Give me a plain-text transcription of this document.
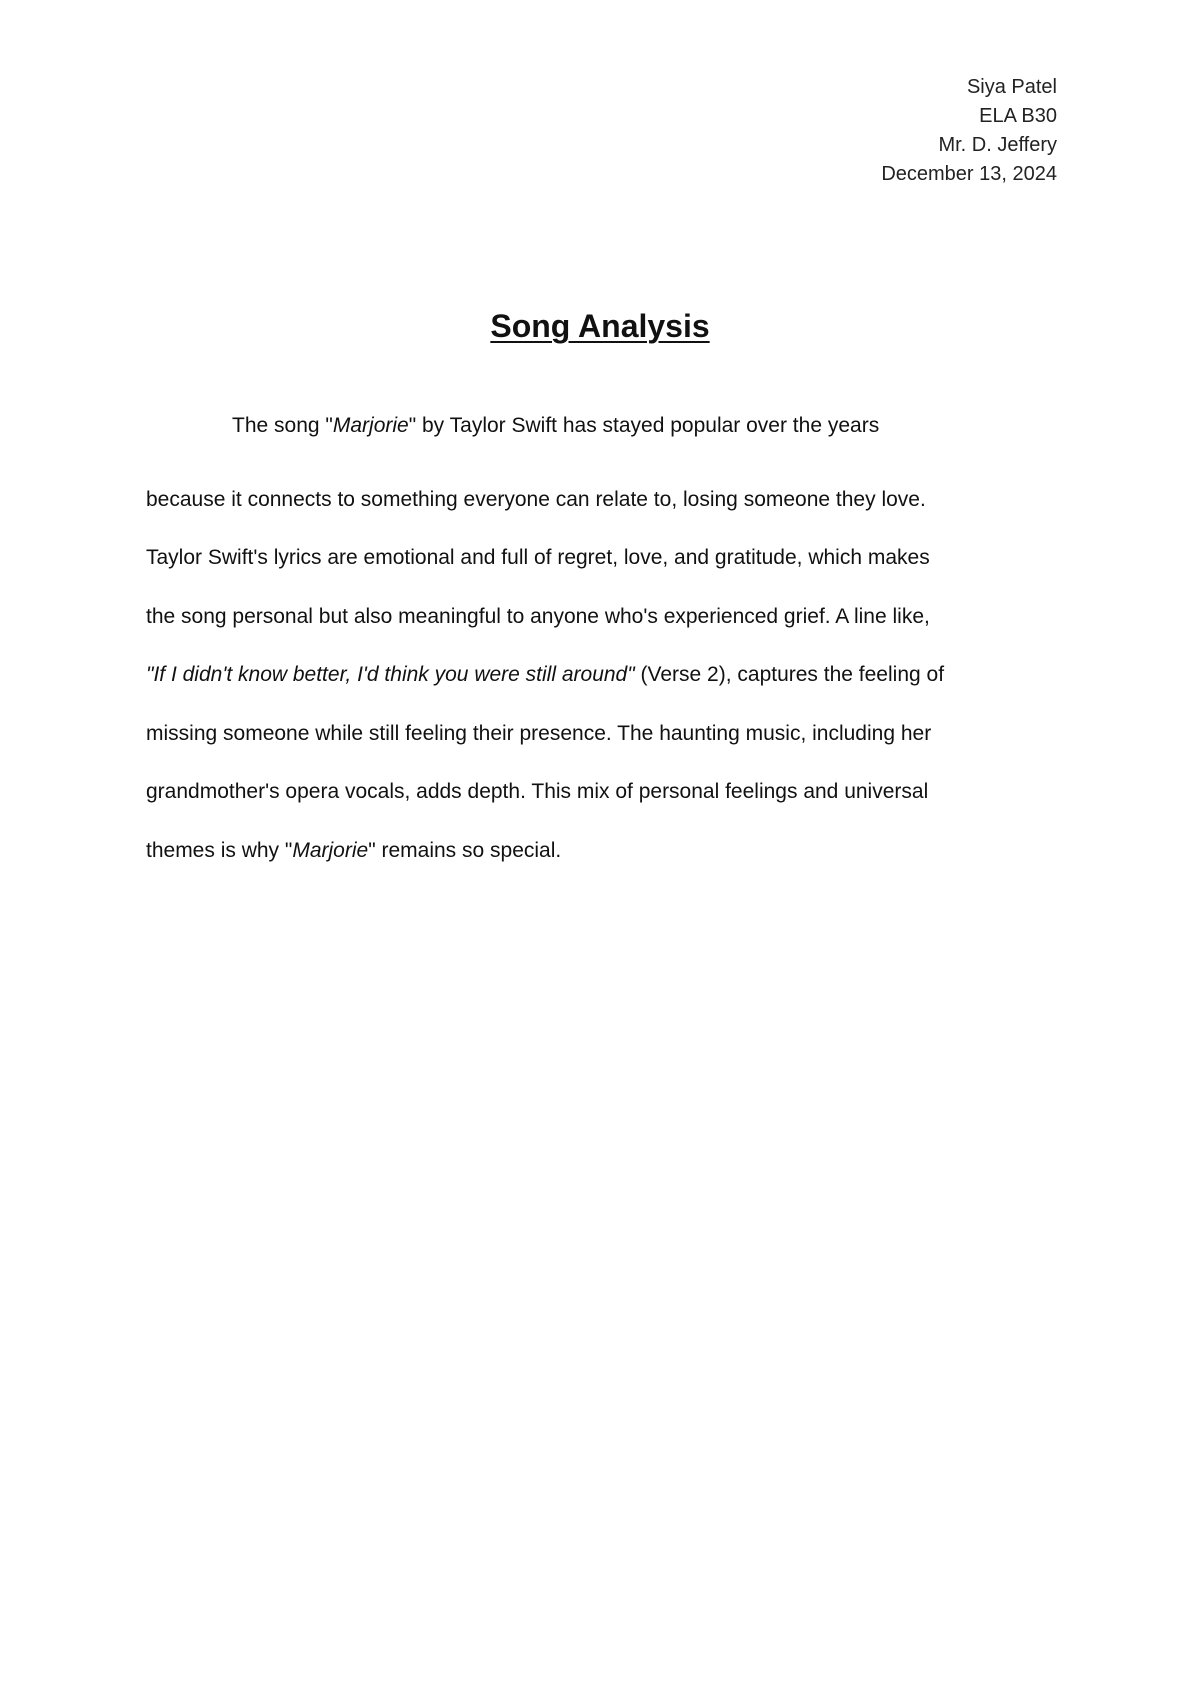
Siya Patel
ELA B30
Mr. D. Jeffery
December 13, 2024
Song Analysis
The song "Marjorie" by Taylor Swift has stayed popular over the years
because it connects to something everyone can relate to, losing someone they love.
Taylor Swift's lyrics are emotional and full of regret, love, and gratitude, which makes
the song personal but also meaningful to anyone who's experienced grief. A line like,
"If I didn't know better, I'd think you were still around" (Verse 2), captures the feeling of
missing someone while still feeling their presence. The haunting music, including her
grandmother's opera vocals, adds depth. This mix of personal feelings and universal
themes is why "Marjorie" remains so special.
